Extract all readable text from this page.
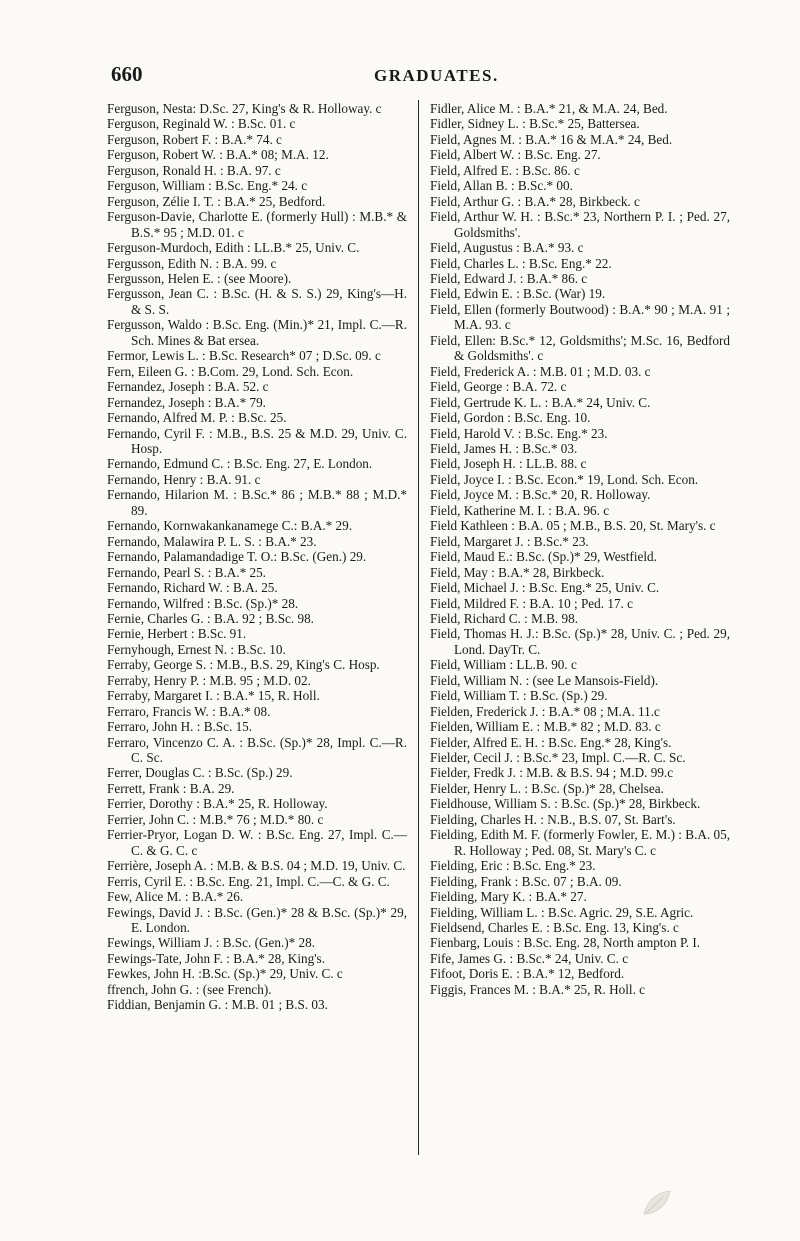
660	GRADUATES.

Ferguson, Nesta: D.Sc. 27, King's & R. Holloway. c

Ferguson, Reginald W. : B.Sc. 01. c

Ferguson, Robert F. : B.A.* 74. c

Ferguson, Robert W. : B.A.* 08; M.A. 12.

Ferguson, Ronald H. : B.A. 97. c

Ferguson, William : B.Sc. Eng.* 24. c

Ferguson, Zélie I. T. : B.A.* 25, Bedford.

Ferguson-Davie, Charlotte E. (formerly Hull) : M.B.* & B.S.* 95 ; M.D. 01. c

Ferguson-Murdoch, Edith : LL.B.* 25, Univ. C.

Fergusson, Edith N. : B.A. 99. c

Fergusson, Helen E. : (see Moore).

Fergusson, Jean C. : B.Sc. (H. & S. S.) 29, King's—H. & S. S.

Fergusson, Waldo : B.Sc. Eng. (Min.)* 21, Impl. C.—R. Sch. Mines & Bat ersea.

Fermor, Lewis L. : B.Sc. Research* 07 ; D.Sc. 09. c

Fern, Eileen G. : B.Com. 29, Lond. Sch. Econ.

Fernandez, Joseph : B.A. 52. c

Fernandez, Joseph : B.A.* 79.

Fernando, Alfred M. P. : B.Sc. 25.

Fernando, Cyril F. : M.B., B.S. 25 & M.D. 29, Univ. C. Hosp.

Fernando, Edmund C. : B.Sc. Eng. 27, E. London.

Fernando, Henry : B.A. 91. c

Fernando, Hilarion M. : B.Sc.* 86 ; M.B.* 88 ; M.D.* 89.

Fernando, Kornwakankanamege C.: B.A.* 29.

Fernando, Malawira P. L. S. : B.A.* 23.

Fernando, Palamandadige T. O.: B.Sc. (Gen.) 29.

Fernando, Pearl S. : B.A.* 25.

Fernando, Richard W. : B.A. 25.

Fernando, Wilfred : B.Sc. (Sp.)* 28.

Fernie, Charles G. : B.A. 92 ; B.Sc. 98.

Fernie, Herbert : B.Sc. 91.

Fernyhough, Ernest N. : B.Sc. 10.

Ferraby, George S. : M.B., B.S. 29, King's C. Hosp.

Ferraby, Henry P. : M.B. 95 ; M.D. 02.

Ferraby, Margaret I. : B.A.* 15, R. Holl.

Ferraro, Francis W. : B.A.* 08.

Ferraro, John H. : B.Sc. 15.

Ferraro, Vincenzo C. A. : B.Sc. (Sp.)* 28, Impl. C.—R. C. Sc.

Ferrer, Douglas C. : B.Sc. (Sp.) 29.

Ferrett, Frank : B.A. 29.

Ferrier, Dorothy : B.A.* 25, R. Holloway.

Ferrier, John C. : M.B.* 76 ; M.D.* 80. c

Ferrier-Pryor, Logan D. W. : B.Sc. Eng. 27, Impl. C.—C. & G. C. c

Ferrière, Joseph A. : M.B. & B.S. 04 ; M.D. 19, Univ. C.

Ferris, Cyril E. : B.Sc. Eng. 21, Impl. C.—C. & G. C.

Few, Alice M. : B.A.* 26.

Fewings, David J. : B.Sc. (Gen.)* 28 & B.Sc. (Sp.)* 29, E. London.

Fewings, William J. : B.Sc. (Gen.)* 28.

Fewings-Tate, John F. : B.A.* 28, King's.

Fewkes, John H. :B.Sc. (Sp.)* 29, Univ. C. c

ffrench, John G. : (see French).

Fiddian, Benjamin G. : M.B. 01 ; B.S. 03.

Fidler, Alice M. : B.A.* 21, & M.A. 24, Bed.

Fidler, Sidney L. : B.Sc.* 25, Battersea.

Field, Agnes M. : B.A.* 16 & M.A.* 24, Bed.

Field, Albert W. : B.Sc. Eng. 27.

Field, Alfred E. : B.Sc. 86. c

Field, Allan B. : B.Sc.* 00.

Field, Arthur G. : B.A.* 28, Birkbeck. c

Field, Arthur W. H. : B.Sc.* 23, Northern P. I. ; Ped. 27, Goldsmiths'.

Field, Augustus : B.A.* 93. c

Field, Charles L. : B.Sc. Eng.* 22.

Field, Edward J. : B.A.* 86. c

Field, Edwin E. : B.Sc. (War) 19.

Field, Ellen (formerly Boutwood) : B.A.* 90 ; M.A. 91 ; M.A. 93. c

Field, Ellen: B.Sc.* 12, Goldsmiths'; M.Sc. 16, Bedford & Goldsmiths'. c

Field, Frederick A. : M.B. 01 ; M.D. 03. c

Field, George : B.A. 72. c

Field, Gertrude K. L. : B.A.* 24, Univ. C.

Field, Gordon : B.Sc. Eng. 10.

Field, Harold V. : B.Sc. Eng.* 23.

Field, James H. : B.Sc.* 03.

Field, Joseph H. : LL.B. 88. c

Field, Joyce I. : B.Sc. Econ.* 19, Lond. Sch. Econ.

Field, Joyce M. : B.Sc.* 20, R. Holloway.

Field, Katherine M. I. : B.A. 96. c

Field Kathleen : B.A. 05 ; M.B., B.S. 20, St. Mary's. c

Field, Margaret J. : B.Sc.* 23.

Field, Maud E.: B.Sc. (Sp.)* 29, Westfield.

Field, May : B.A.* 28, Birkbeck.

Field, Michael J. : B.Sc. Eng.* 25, Univ. C.

Field, Mildred F. : B.A. 10 ; Ped. 17. c

Field, Richard C. : M.B. 98.

Field, Thomas H. J.: B.Sc. (Sp.)* 28, Univ. C. ; Ped. 29, Lond. DayTr. C.

Field, William : LL.B. 90. c

Field, William N. : (see Le Mansois-Field).

Field, William T. : B.Sc. (Sp.) 29.

Fielden, Frederick J. : B.A.* 08 ; M.A. 11.c

Fielden, William E. : M.B.* 82 ; M.D. 83. c

Fielder, Alfred E. H. : B.Sc. Eng.* 28, King's.

Fielder, Cecil J. : B.Sc.* 23, Impl. C.—R. C. Sc.

Fielder, Fredk J. : M.B. & B.S. 94 ; M.D. 99.c

Fielder, Henry L. : B.Sc. (Sp.)* 28, Chelsea.

Fieldhouse, William S. : B.Sc. (Sp.)* 28, Birkbeck.

Fielding, Charles H. : N.B., B.S. 07, St. Bart's.

Fielding, Edith M. F. (formerly Fowler, E. M.) : B.A. 05, R. Holloway ; Ped. 08, St. Mary's C. c

Fielding, Eric : B.Sc. Eng.* 23.

Fielding, Frank : B.Sc. 07 ; B.A. 09.

Fielding, Mary K. : B.A.* 27.

Fielding, William L. : B.Sc. Agric. 29, S.E. Agric.

Fieldsend, Charles E. : B.Sc. Eng. 13, King's. c

Fienbarg, Louis : B.Sc. Eng. 28, North ampton P. I.

Fife, James G. : B.Sc.* 24, Univ. C. c

Fifoot, Doris E. : B.A.* 12, Bedford.

Figgis, Frances M. : B.A.* 25, R. Holl. c
